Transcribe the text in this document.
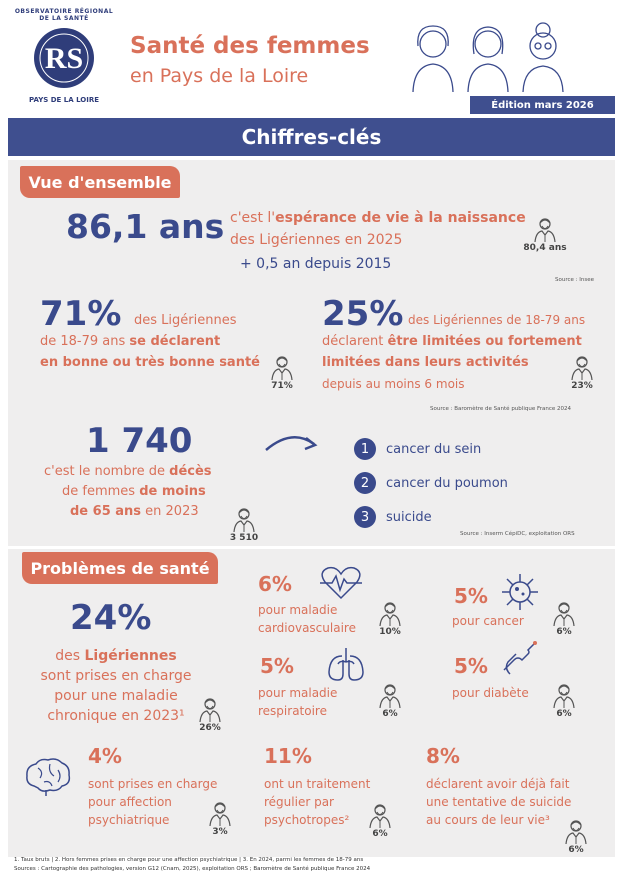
RS
OBSERVATOIRE RÉGIONAL DE LA SANTÉ
PAYS DE LA LOIRE
Santé des femmes
en Pays de la Loire
Édition mars 2026
Chiffres-clés
Vue d'ensemble
86,1 ans c'est l'espérance de vie à la naissance
des Ligériennes en 2025
+ 0,5 an depuis 2015
80,4 ans
Source : Insee
71% des Ligériennes
de 18-79 ans se déclarent
en bonne ou très bonne santé
71%
25% des Ligériennes de 18-79 ans
déclarent être limitées ou fortement
limitées dans leurs activités
depuis au moins 6 mois	23%
Source : Baromètre de Santé publique France 2024
1 740
c'est le nombre de décès
de femmes de moins
de 65 ans en 2023
3 510
1	cancer du sein
2	cancer du poumon
3	suicide
Source : Inserm CépiDC, exploitation ORS
Problèmes de santé
24%
des Ligériennes
sont prises en charge
pour une maladie
chronique en 2023¹
26%
6%
pour maladie
cardiovasculaire	10%
5%
pour cancer
6%
5%
pour maladie
respiratoire	6%
5%
pour diabète
6%
4%
sont prises en charge
pour affection
psychiatrique
3%
11%
ont un traitement
régulier par
psychotropes²
6%
8%
déclarent avoir déjà fait
une tentative de suicide
au cours de leur vie³
6%
1. Taux bruts | 2. Hors femmes prises en charge pour une affection psychiatrique | 3. En 2024, parmi les femmes de 18-79 ans
Sources : Cartographie des pathologies, version G12 (Cnam, 2025), exploitation ORS ; Baromètre de Santé publique France 2024
